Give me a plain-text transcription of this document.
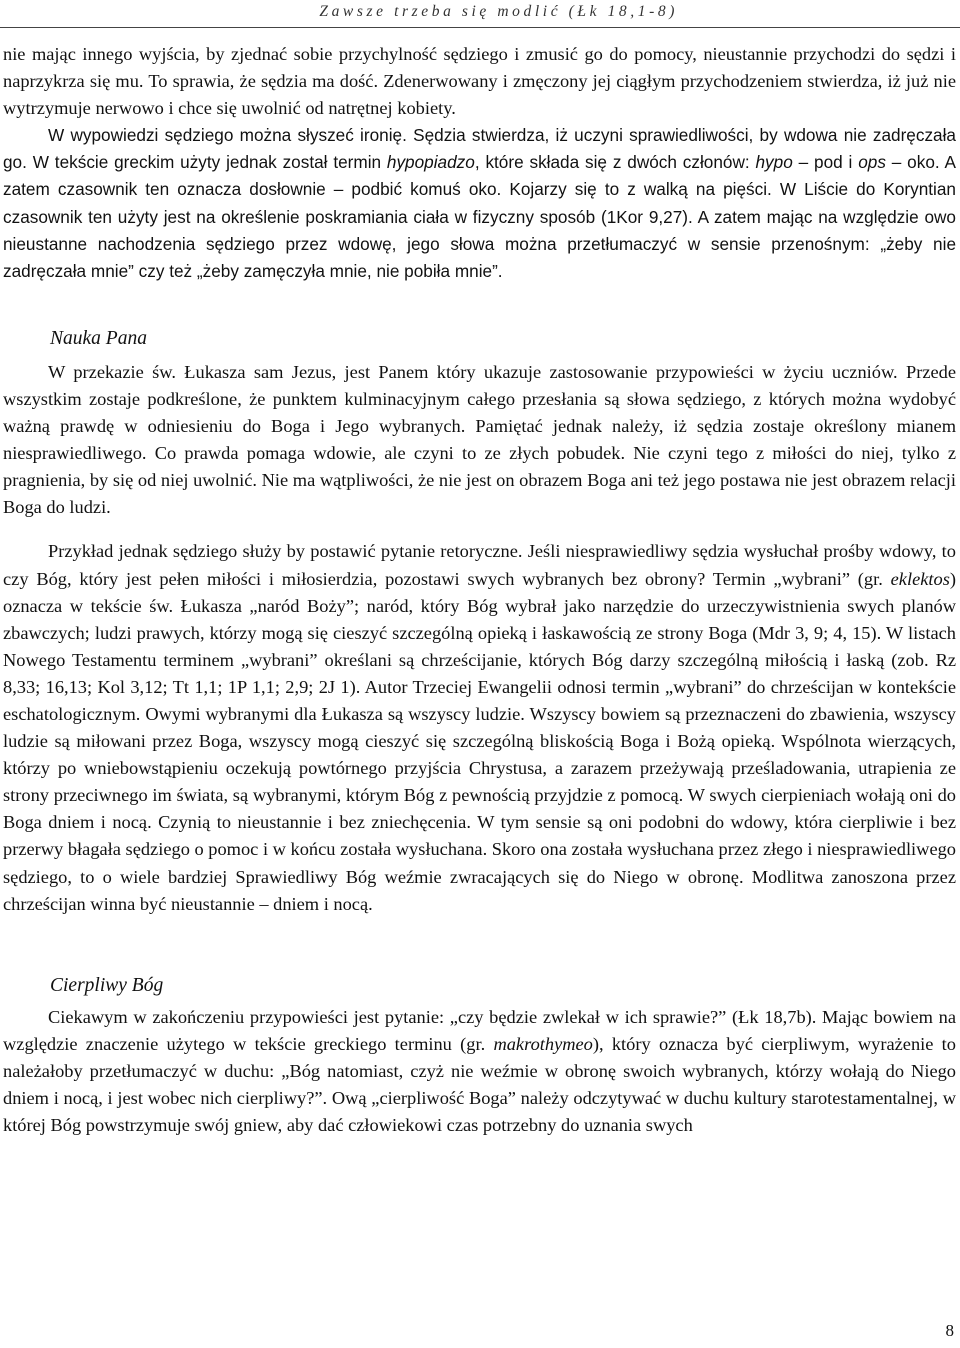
Zawsze trzeba się modlić (Łk 18,1-8)

nie mając innego wyjścia, by zjednać sobie przychylność sędziego i zmusić go do pomocy, nieustannie przychodzi do sędzi i naprzykrza się mu. To sprawia, że sędzia ma dość. Zdenerwowany i zmęczony jej ciągłym przychodzeniem stwierdza, iż już nie wytrzymuje nerwowo i chce się uwolnić od natrętnej kobiety.

W wypowiedzi sędziego można słyszeć ironię. Sędzia stwierdza, iż uczyni sprawiedliwości, by wdowa nie zadręczała go. W tekście greckim użyty jednak został termin hypopiadzo, które składa się z dwóch członów: hypo – pod i ops – oko. A zatem czasownik ten oznacza dosłownie – podbić komuś oko. Kojarzy się to z walką na pięści. W Liście do Koryntian czasownik ten użyty jest na określenie poskramiania ciała w fizyczny sposób (1Kor 9,27). A zatem mając na względzie owo nieustanne nachodzenia sędziego przez wdowę, jego słowa można przetłumaczyć w sensie przenośnym: „żeby nie zadręczała mnie” czy też „żeby zamęczyła mnie, nie pobiła mnie”.

Nauka Pana

W przekazie św. Łukasza sam Jezus, jest Panem który ukazuje zastosowanie przypowieści w życiu uczniów. Przede wszystkim zostaje podkreślone, że punktem kulminacyjnym całego przesłania są słowa sędziego, z których można wydobyć ważną prawdę w odniesieniu do Boga i Jego wybranych. Pamiętać jednak należy, iż sędzia zostaje określony mianem niesprawiedliwego. Co prawda pomaga wdowie, ale czyni to ze złych pobudek. Nie czyni tego z miłości do niej, tylko z pragnienia, by się od niej uwolnić. Nie ma wątpliwości, że nie jest on obrazem Boga ani też jego postawa nie jest obrazem relacji Boga do ludzi.

Przykład jednak sędziego służy by postawić pytanie retoryczne. Jeśli niesprawiedliwy sędzia wysłuchał prośby wdowy, to czy Bóg, który jest pełen miłości i miłosierdzia, pozostawi swych wybranych bez obrony? Termin „wybrani” (gr. eklektos) oznacza w tekście św. Łukasza „naród Boży”; naród, który Bóg wybrał jako narzędzie do urzeczywistnienia swych planów zbawczych; ludzi prawych, którzy mogą się cieszyć szczególną opieką i łaskawością ze strony Boga (Mdr 3, 9; 4, 15). W listach Nowego Testamentu terminem „wybrani” określani są chrześcijanie, których Bóg darzy szczególną miłością i łaską (zob. Rz 8,33; 16,13; Kol 3,12; Tt 1,1; 1P 1,1; 2,9; 2J 1). Autor Trzeciej Ewangelii odnosi termin „wybrani” do chrześcijan w kontekście eschatologicznym. Owymi wybranymi dla Łukasza są wszyscy ludzie. Wszyscy bowiem są przeznaczeni do zbawienia, wszyscy ludzie są miłowani przez Boga, wszyscy mogą cieszyć się szczególną bliskością Boga i Bożą opieką. Wspólnota wierzących, którzy po wniebowstąpieniu oczekują powtórnego przyjścia Chrystusa, a zarazem przeżywają prześladowania, utrapienia ze strony przeciwnego im świata, są wybranymi, którym Bóg z pewnością przyjdzie z pomocą. W swych cierpieniach wołają oni do Boga dniem i nocą. Czynią to nieustannie i bez zniechęcenia. W tym sensie są oni podobni do wdowy, która cierpliwie i bez przerwy błagała sędziego o pomoc i w końcu została wysłuchana. Skoro ona została wysłuchana przez złego i niesprawiedliwego sędziego, to o wiele bardziej Sprawiedliwy Bóg weźmie zwracających się do Niego w obronę. Modlitwa zanoszona przez chrześcijan winna być nieustannie – dniem i nocą.

Cierpliwy Bóg

Ciekawym w zakończeniu przypowieści jest pytanie: „czy będzie zwlekał w ich sprawie?” (Łk 18,7b). Mając bowiem na względzie znaczenie użytego w tekście greckiego terminu (gr. makrothymeo), który oznacza być cierpliwym, wyrażenie to należałoby przetłumaczyć w duchu: „Bóg natomiast, czyż nie weźmie w obronę swoich wybranych, którzy wołają do Niego dniem i nocą, i jest wobec nich cierpliwy?”. Ową „cierpliwość Boga” należy odczytywać w duchu kultury starotestamentalnej, w której Bóg powstrzymuje swój gniew, aby dać człowiekowi czas potrzebny do uznania swych

8
